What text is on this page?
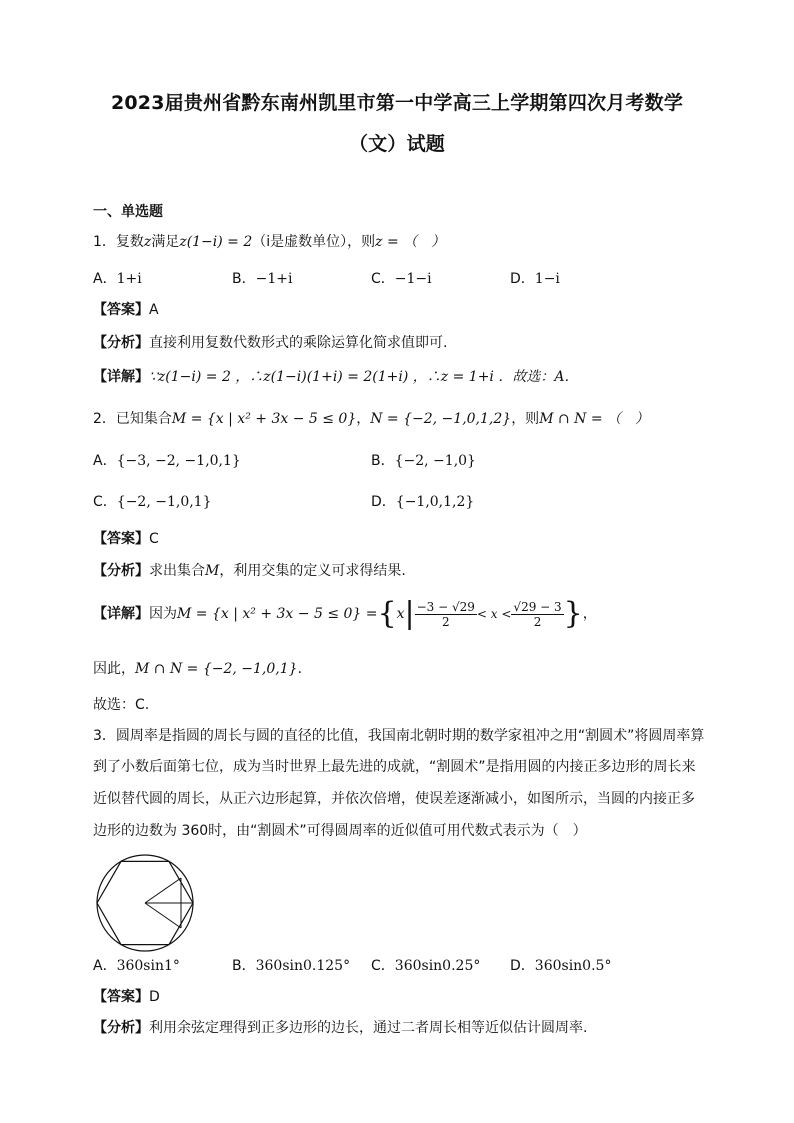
2023届贵州省黔东南州凯里市第一中学高三上学期第四次月考数学
（文）试题
一、单选题
1．复数z满足z(1−i) = 2（i是虚数单位），则z = （　）
A．1+i	B．−1+i	C．−1−i	D．1−i
【答案】A
【分析】直接利用复数代数形式的乘除运算化简求值即可.
【详解】∵z(1−i) = 2 ，∴z(1−i)(1+i) = 2(1+i) ，∴z = 1+i ．故选：A．
2．已知集合M = {x | x² + 3x − 5 ≤ 0}，N = {−2, −1,0,1,2}，则M ∩ N = （　）
A．{−3, −2, −1,0,1}	B．{−2, −1,0}
C．{−2, −1,0,1}	D．{−1,0,1,2}
【答案】C
【分析】求出集合M，利用交集的定义可求得结果.
【详解】因为M = {x | $x^2 + 3x - 5 \le 0\} =\{x| \frac{-3 - √29}{2} < x < \frac{√29 - 3}{2}$ }，
因此，M ∩ N = {−2, −1,0,1}．
故选：C.
3．圆周率是指圆的周长与圆的直径的比值，我国南北朝时期的数学家祖冲之用“割圆术”将圆周率算
到了小数后面第七位，成为当时世界上最先进的成就，“割圆术”是指用圆的内接正多边形的周长来
近似替代圆的周长，从正六边形起算，并依次倍增，使误差逐渐减小，如图所示，当圆的内接正多
边形的边数为 360时，由“割圆术”可得圆周率的近似值可用代数式表示为（　）
A．360sin1°	B．360sin0.125° C．360sin0.25° D．360sin0.5°
【答案】D
【分析】利用余弦定理得到正多边形的边长，通过二者周长相等近似估计圆周率.
